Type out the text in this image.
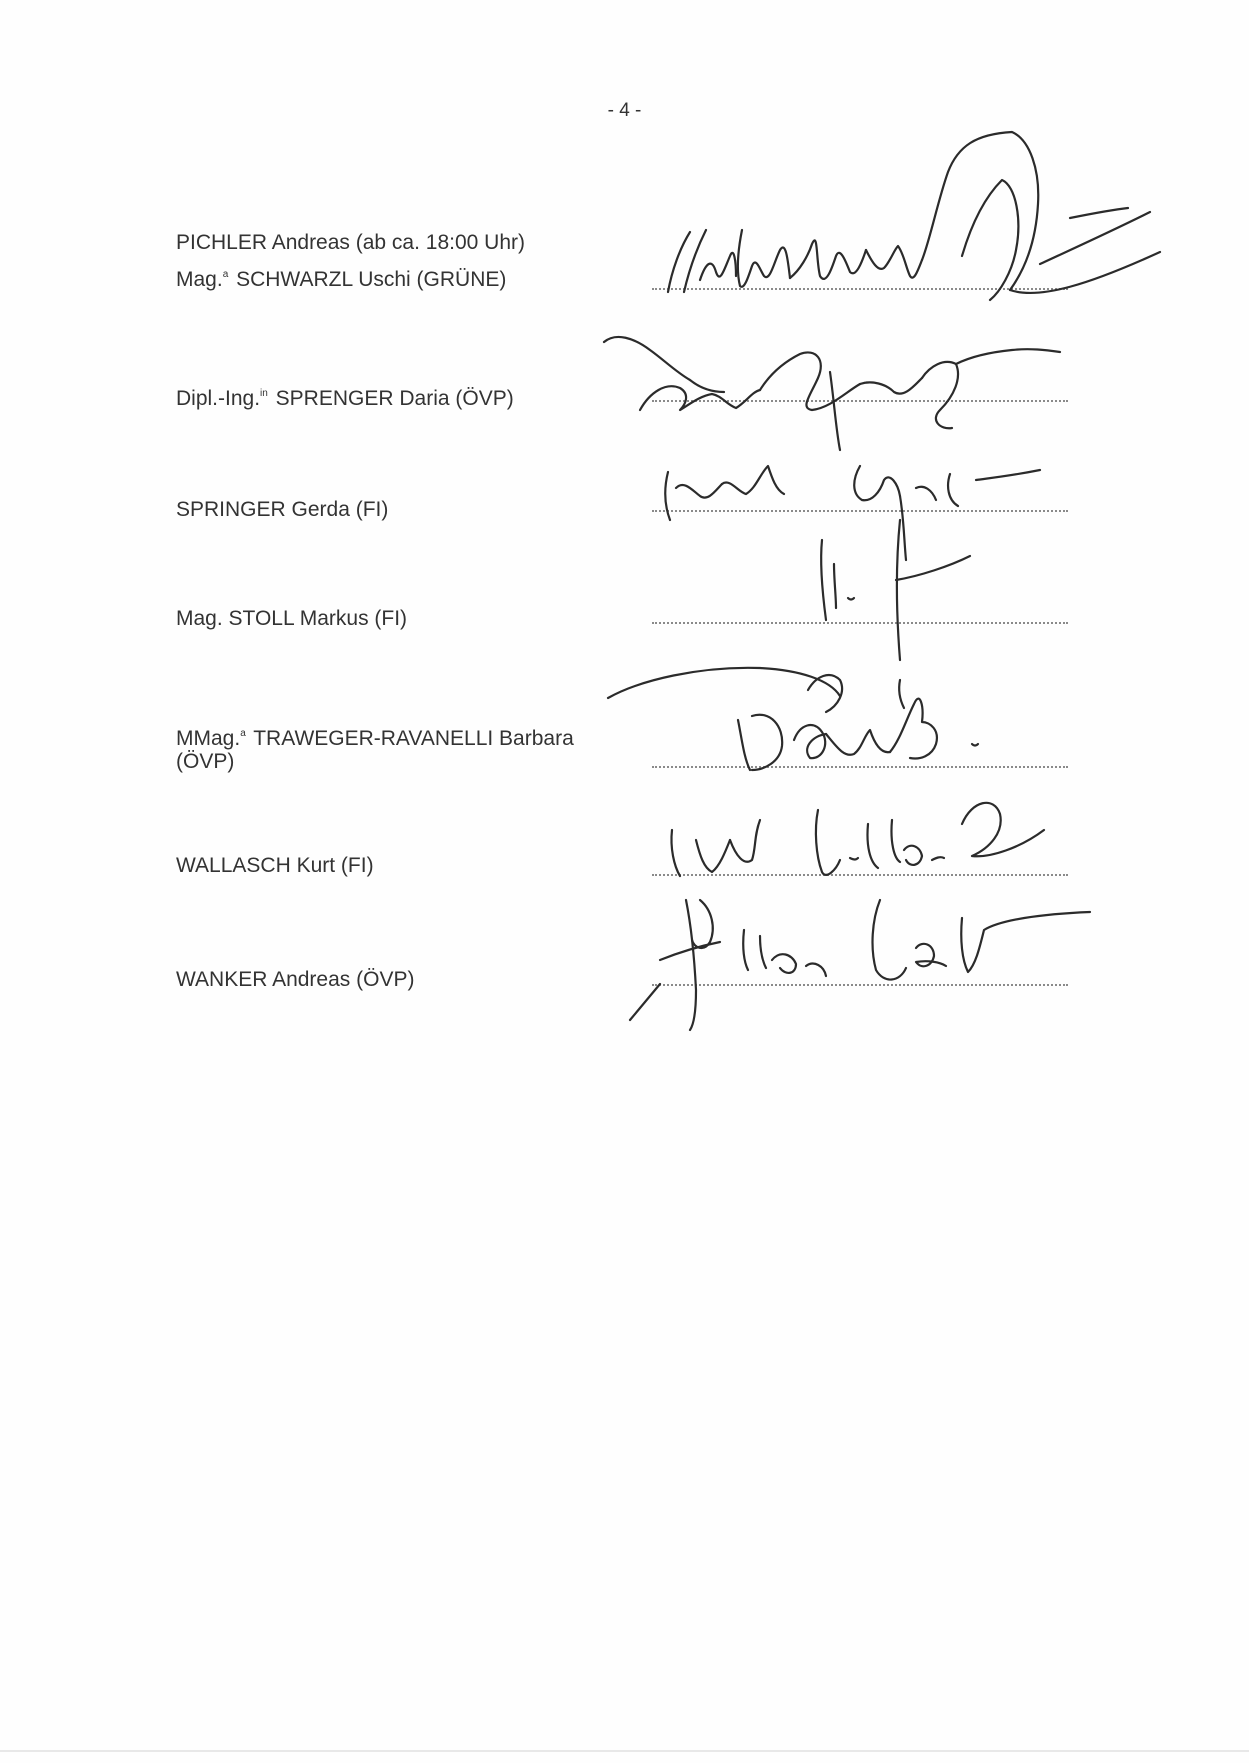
- 4 -
PICHLER Andreas (ab ca. 18:00 Uhr)
Mag.$^a$ SCHWARZL Uschi (GRÜNE)
Dipl.-Ing.$^{in}$ SPRENGER Daria (ÖVP)
SPRINGER Gerda (FI)
Mag. STOLL Markus (FI)
MMag.$^a$ TRAWEGER-RAVANELLI Barbara
(ÖVP)
WALLASCH Kurt (FI)
WANKER Andreas (ÖVP)
